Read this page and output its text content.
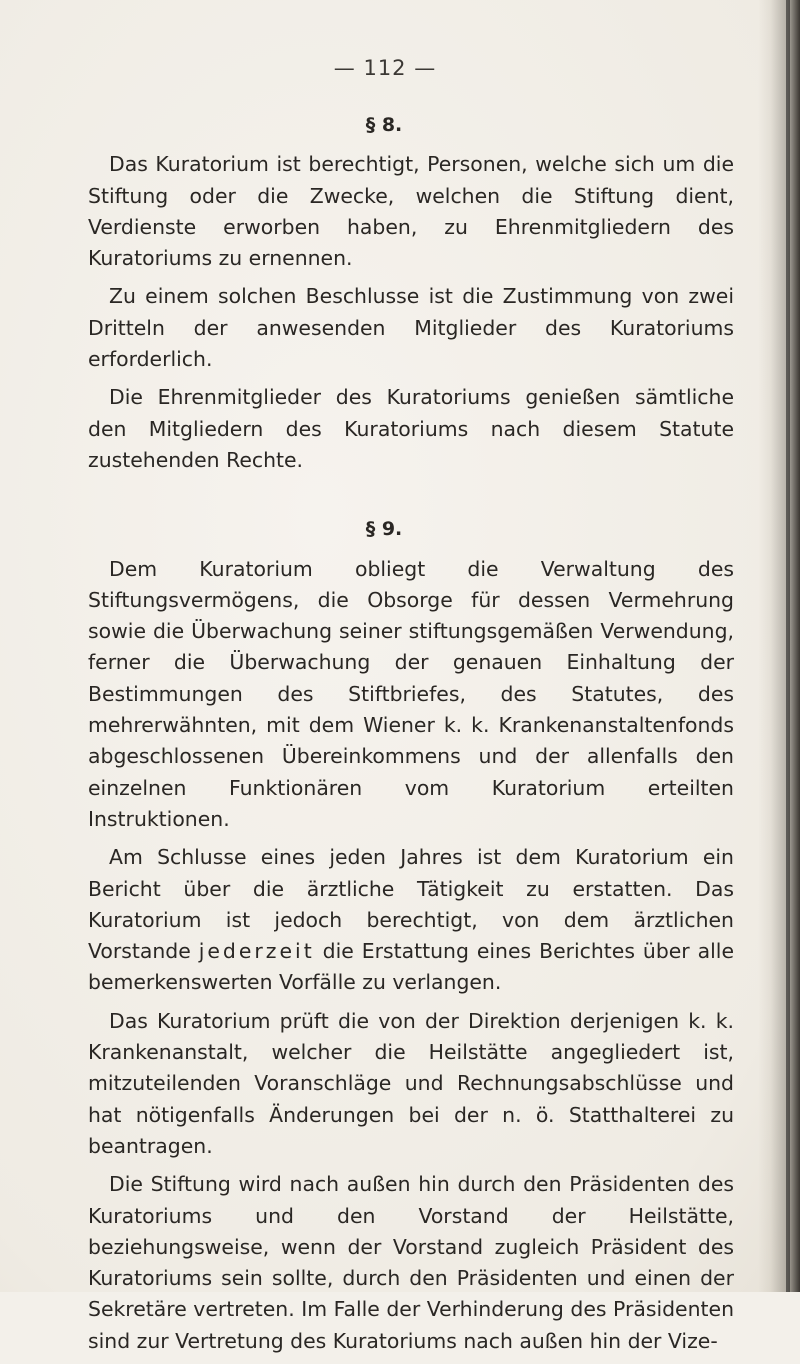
— 112 —
§ 8.

Das Kuratorium ist berechtigt, Personen, welche sich um die Stiftung oder die Zwecke, welchen die Stiftung dient, Verdienste erworben haben, zu Ehrenmitgliedern des Kuratoriums zu ernennen.

Zu einem solchen Beschlusse ist die Zustimmung von zwei Dritteln der anwesenden Mitglieder des Kuratoriums erforderlich.

Die Ehrenmitglieder des Kuratoriums genießen sämtliche den Mitgliedern des Kuratoriums nach diesem Statute zustehenden Rechte.

§ 9.

Dem Kuratorium obliegt die Verwaltung des Stiftungsvermögens, die Obsorge für dessen Vermehrung sowie die Überwachung seiner stiftungsgemäßen Verwendung, ferner die Überwachung der genauen Einhaltung der Bestimmungen des Stiftbriefes, des Statutes, des mehrerwähnten, mit dem Wiener k. k. Krankenanstaltenfonds abgeschlossenen Übereinkommens und der allenfalls den einzelnen Funktionären vom Kuratorium erteilten Instruktionen.

Am Schlusse eines jeden Jahres ist dem Kuratorium ein Bericht über die ärztliche Tätigkeit zu erstatten. Das Kuratorium ist jedoch berechtigt, von dem ärztlichen Vorstande jederzeit die Erstattung eines Berichtes über alle bemerkenswerten Vorfälle zu verlangen.

Das Kuratorium prüft die von der Direktion derjenigen k. k. Krankenanstalt, welcher die Heilstätte angegliedert ist, mitzuteilenden Voranschläge und Rechnungsabschlüsse und hat nötigenfalls Änderungen bei der n. ö. Statthalterei zu beantragen.

Die Stiftung wird nach außen hin durch den Präsidenten des Kuratoriums und den Vorstand der Heilstätte, beziehungsweise, wenn der Vorstand zugleich Präsident des Kuratoriums sein sollte, durch den Präsidenten und einen der Sekretäre vertreten. Im Falle der Verhinderung des Präsidenten sind zur Vertretung des Kuratoriums nach außen hin der Vize-
